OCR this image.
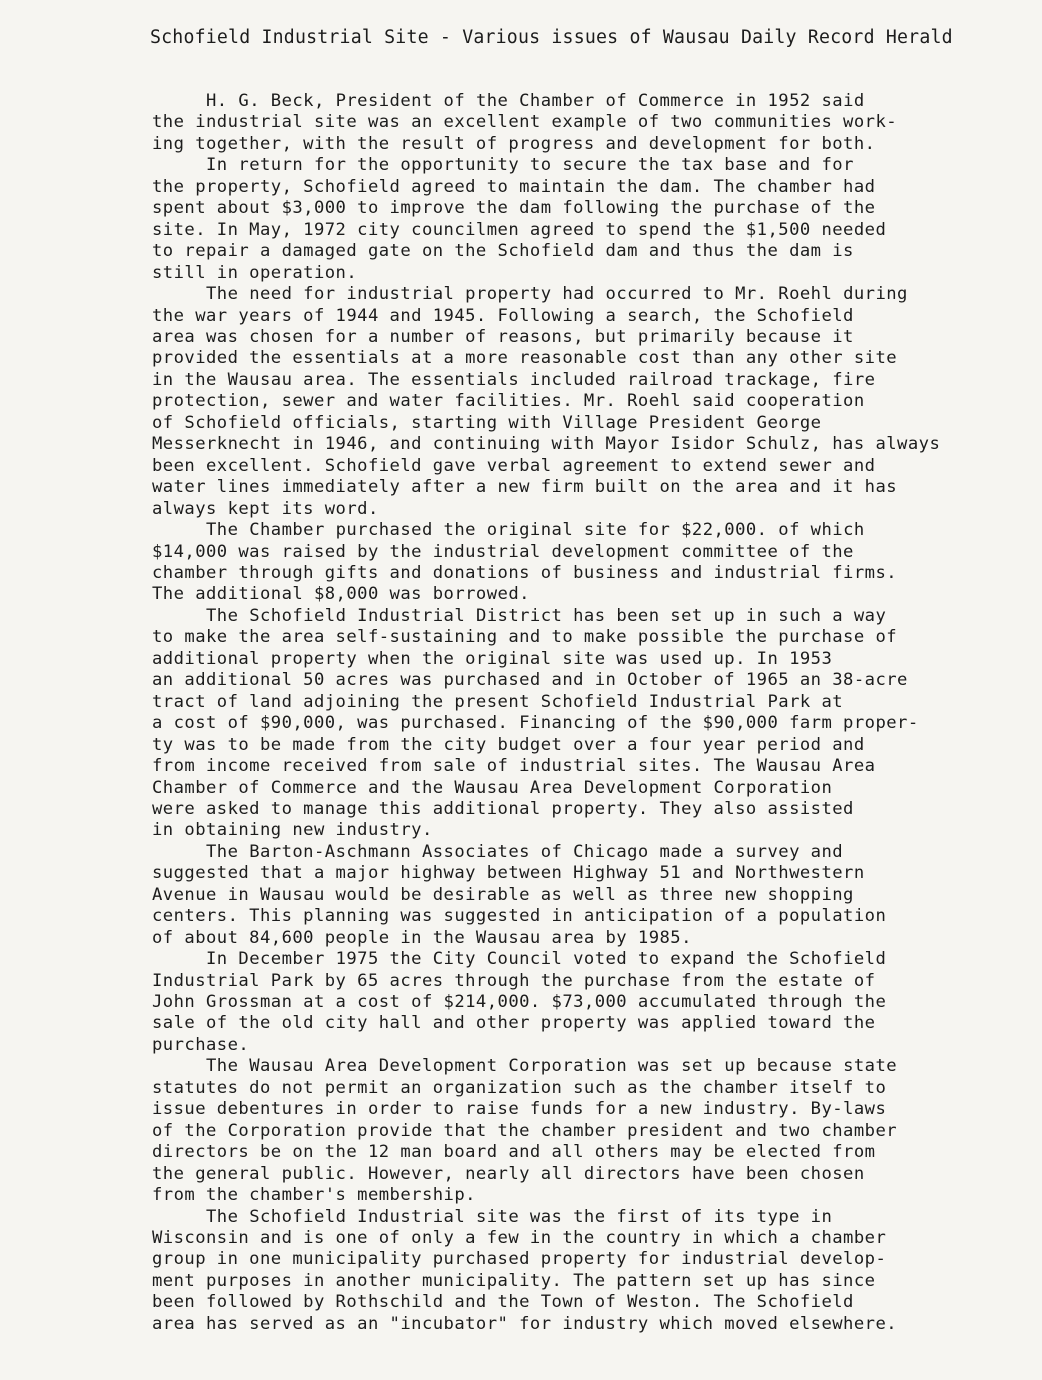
Schofield Industrial Site - Various issues of Wausau Daily Record Herald
H. G. Beck, President of the Chamber of Commerce in 1952 said
the industrial site was an excellent example of two communities work-
ing together, with the result of progress and development for both.
In return for the opportunity to secure the tax base and for
the property, Schofield agreed to maintain the dam. The chamber had
spent about $3,000 to improve the dam following the purchase of the
site. In May, 1972 city councilmen agreed to spend the $1,500 needed
to repair a damaged gate on the Schofield dam and thus the dam is
still in operation.
The need for industrial property had occurred to Mr. Roehl during
the war years of 1944 and 1945. Following a search, the Schofield
area was chosen for a number of reasons, but primarily because it
provided the essentials at a more reasonable cost than any other site
in the Wausau area. The essentials included railroad trackage, fire
protection, sewer and water facilities. Mr. Roehl said cooperation
of Schofield officials, starting with Village President George
Messerknecht in 1946, and continuing with Mayor Isidor Schulz, has always
been excellent. Schofield gave verbal agreement to extend sewer and
water lines immediately after a new firm built on the area and it has
always kept its word.
The Chamber purchased the original site for $22,000. of which
$14,000 was raised by the industrial development committee of the
chamber through gifts and donations of business and industrial firms.
The additional $8,000 was borrowed.
The Schofield Industrial District has been set up in such a way
to make the area self-sustaining and to make possible the purchase of
additional property when the original site was used up. In 1953
an additional 50 acres was purchased and in October of 1965 an 38-acre
tract of land adjoining the present Schofield Industrial Park at
a cost of $90,000, was purchased. Financing of the $90,000 farm proper-
ty was to be made from the city budget over a four year period and
from income received from sale of industrial sites. The Wausau Area
Chamber of Commerce and the Wausau Area Development Corporation
were asked to manage this additional property. They also assisted
in obtaining new industry.
The Barton-Aschmann Associates of Chicago made a survey and
suggested that a major highway between Highway 51 and Northwestern
Avenue in Wausau would be desirable as well as three new shopping
centers. This planning was suggested in anticipation of a population
of about 84,600 people in the Wausau area by 1985.
In December 1975 the City Council voted to expand the Schofield
Industrial Park by 65 acres through the purchase from the estate of
John Grossman at a cost of $214,000. $73,000 accumulated through the
sale of the old city hall and other property was applied toward the
purchase.
The Wausau Area Development Corporation was set up because state
statutes do not permit an organization such as the chamber itself to
issue debentures in order to raise funds for a new industry. By-laws
of the Corporation provide that the chamber president and two chamber
directors be on the 12 man board and all others may be elected from
the general public. However, nearly all directors have been chosen
from the chamber's membership.
The Schofield Industrial site was the first of its type in
Wisconsin and is one of only a few in the country in which a chamber
group in one municipality purchased property for industrial develop-
ment purposes in another municipality. The pattern set up has since
been followed by Rothschild and the Town of Weston. The Schofield
area has served as an "incubator" for industry which moved elsewhere.
